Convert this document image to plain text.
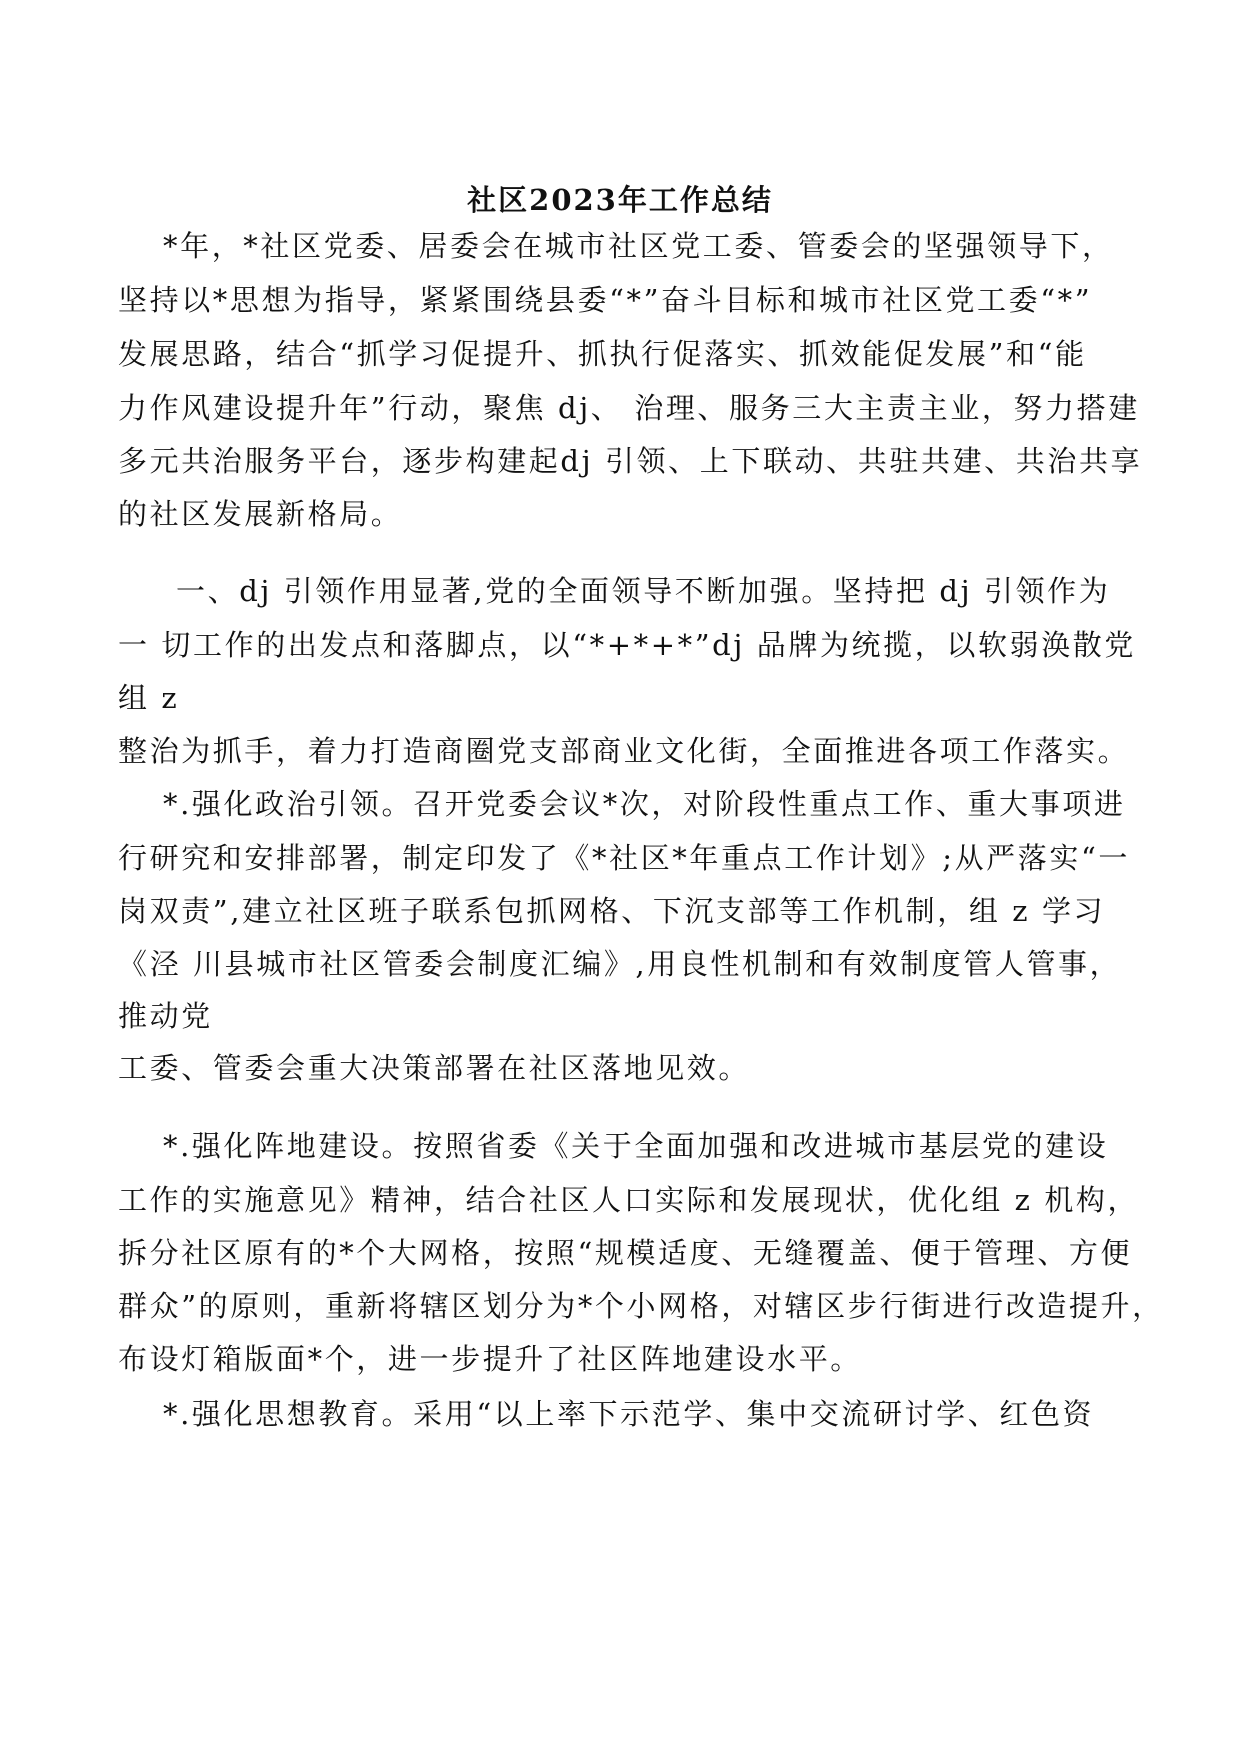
社区2023年工作总结
*年，*社区党委、居委会在城市社区党工委、管委会的坚强领导下，
坚持以*思想为指导，紧紧围绕县委“*”奋斗目标和城市社区党工委“*”
发展思路，结合“抓学习促提升、抓执行促落实、抓效能促发展”和“能
力作风建设提升年”行动，聚焦 dj、 治理、服务三大主责主业，努力搭建
多元共治服务平台，逐步构建起dj 引领、上下联动、共驻共建、共治共享
的社区发展新格局。
一、dj 引领作用显著,党的全面领导不断加强。坚持把 dj 引领作为
一 切工作的出发点和落脚点，以“*+*+*”dj 品牌为统揽，以软弱涣散党
组 z
整治为抓手，着力打造商圈党支部商业文化街，全面推进各项工作落实。
*.强化政治引领。召开党委会议*次，对阶段性重点工作、重大事项进
行研究和安排部署，制定印发了《*社区*年重点工作计划》;从严落实“一
岗双责”,建立社区班子联系包抓网格、下沉支部等工作机制，组 z 学习
《泾 川县城市社区管委会制度汇编》,用良性机制和有效制度管人管事，
推动党
工委、管委会重大决策部署在社区落地见效。
*.强化阵地建设。按照省委《关于全面加强和改进城市基层党的建设
工作的实施意见》精神，结合社区人口实际和发展现状，优化组 z 机构，
拆分社区原有的*个大网格，按照“规模适度、无缝覆盖、便于管理、方便
群众”的原则，重新将辖区划分为*个小网格，对辖区步行街进行改造提升，
布设灯箱版面*个，进一步提升了社区阵地建设水平。
*.强化思想教育。采用“以上率下示范学、集中交流研讨学、红色资
